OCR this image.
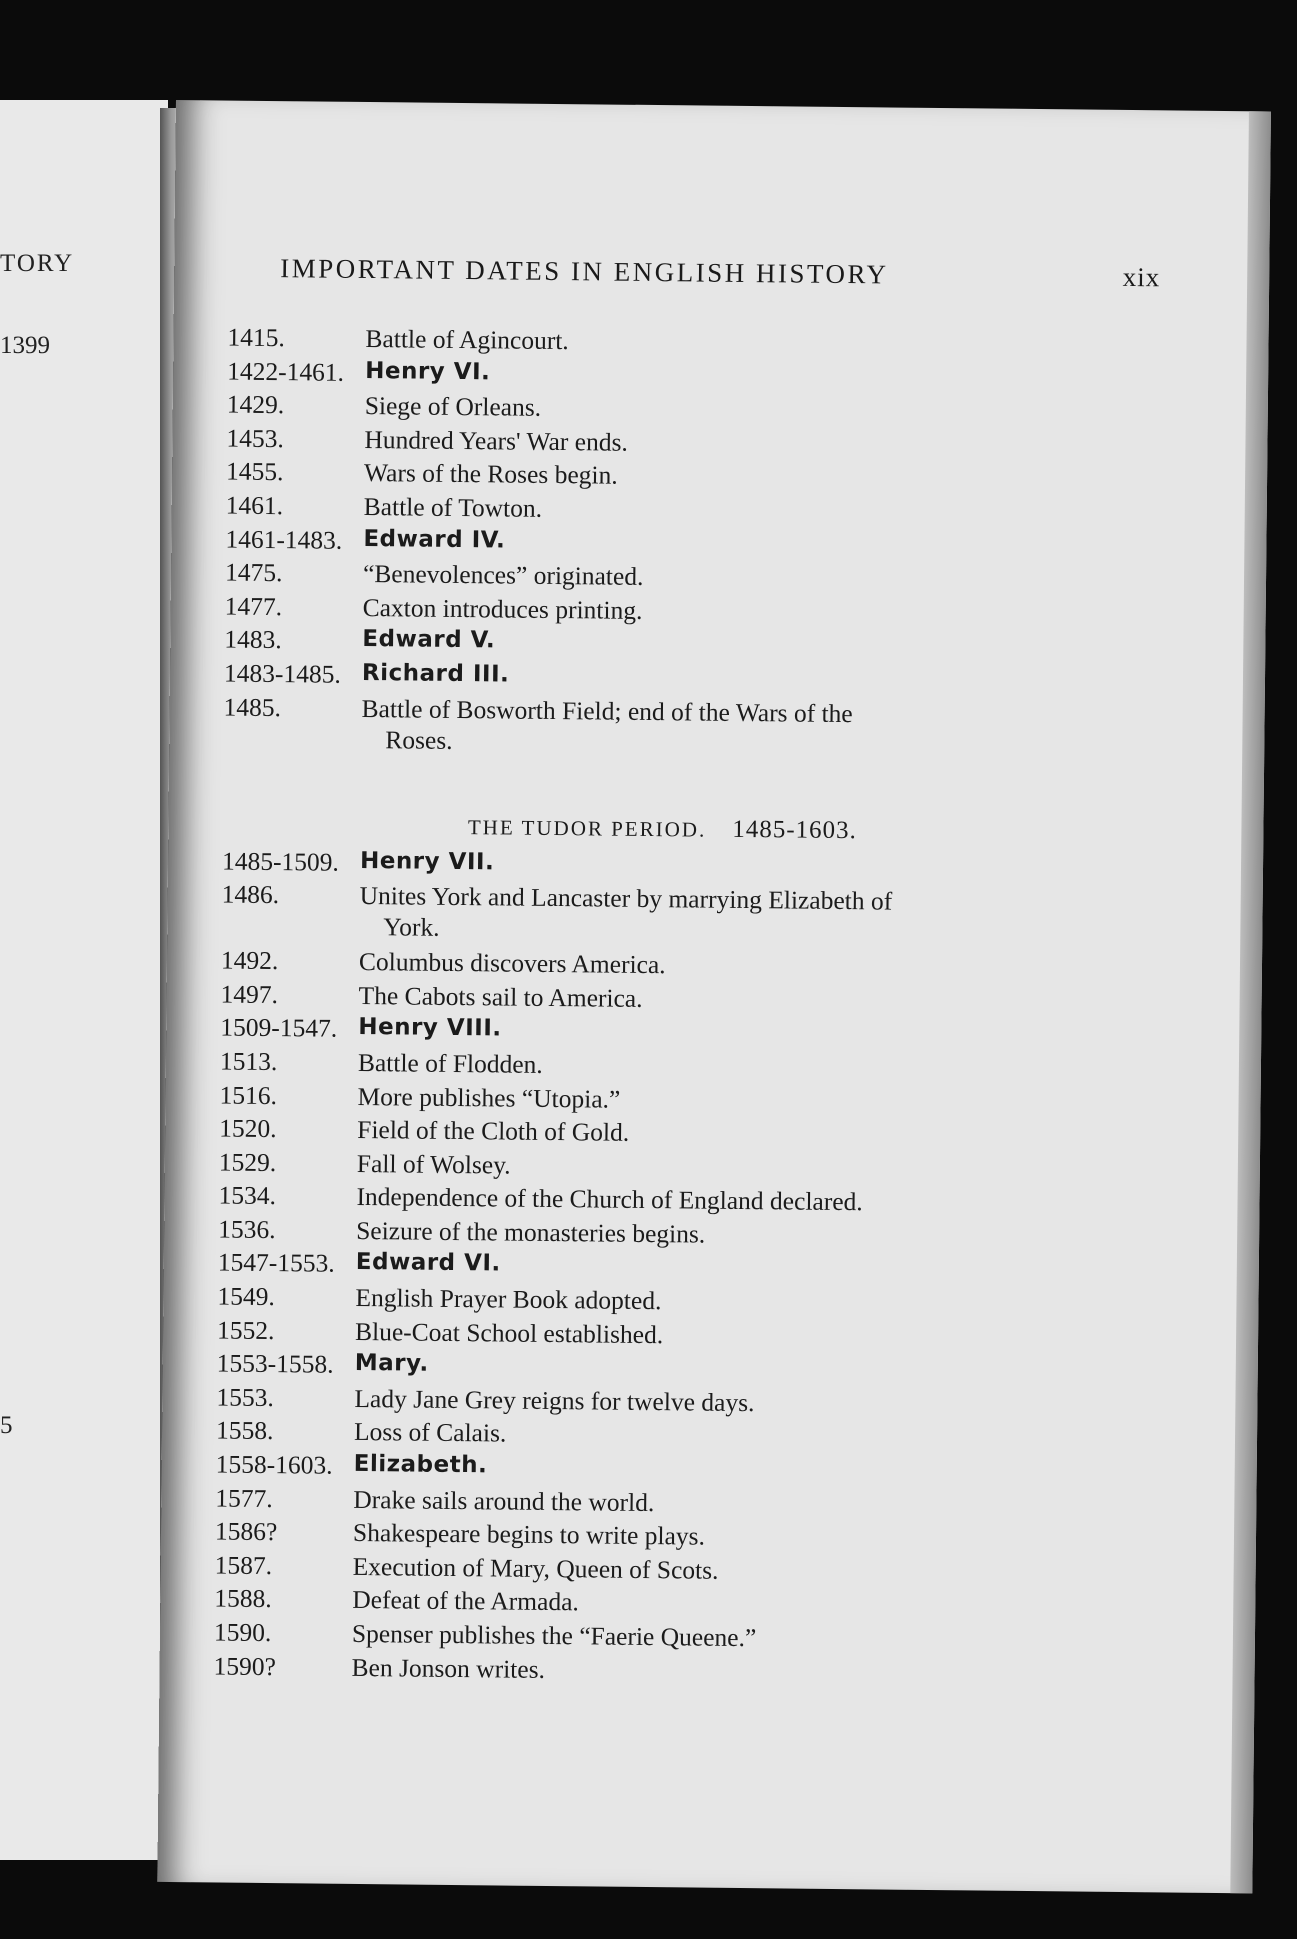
TORY
1399
5
IMPORTANT DATES IN ENGLISH HISTORY	xix
1415.	Battle of Agincourt.
1422-1461. Henry VI.
1429.	Siege of Orleans.
1453.	Hundred Years' War ends.
1455.	Wars of the Roses begin.
1461.	Battle of Towton.
1461-1483. Edward IV.
1475.	“Benevolences” originated.
1477.	Caxton introduces printing.
1483.	Edward V.
1483-1485. Richard III.
1485.	Battle of Bosworth Field; end of the Wars of the
Roses.
THE TUDOR PERIOD. 1485-1603.
1485-1509. Henry VII.
1486.	Unites York and Lancaster by marrying Elizabeth of
York.
1492.	Columbus discovers America.
1497.	The Cabots sail to America.
1509-1547. Henry VIII.
1513.	Battle of Flodden.
1516.	More publishes “Utopia.”
1520.	Field of the Cloth of Gold.
1529.	Fall of Wolsey.
1534.	Independence of the Church of England declared.
1536.	Seizure of the monasteries begins.
1547-1553. Edward VI.
1549.	English Prayer Book adopted.
1552.	Blue-Coat School established.
1553-1558. Mary.
1553.	Lady Jane Grey reigns for twelve days.
1558.	Loss of Calais.
1558-1603. Elizabeth.
1577.	Drake sails around the world.
1586?	Shakespeare begins to write plays.
1587.	Execution of Mary, Queen of Scots.
1588.	Defeat of the Armada.
1590.	Spenser publishes the “Faerie Queene.”
1590?	Ben Jonson writes.
